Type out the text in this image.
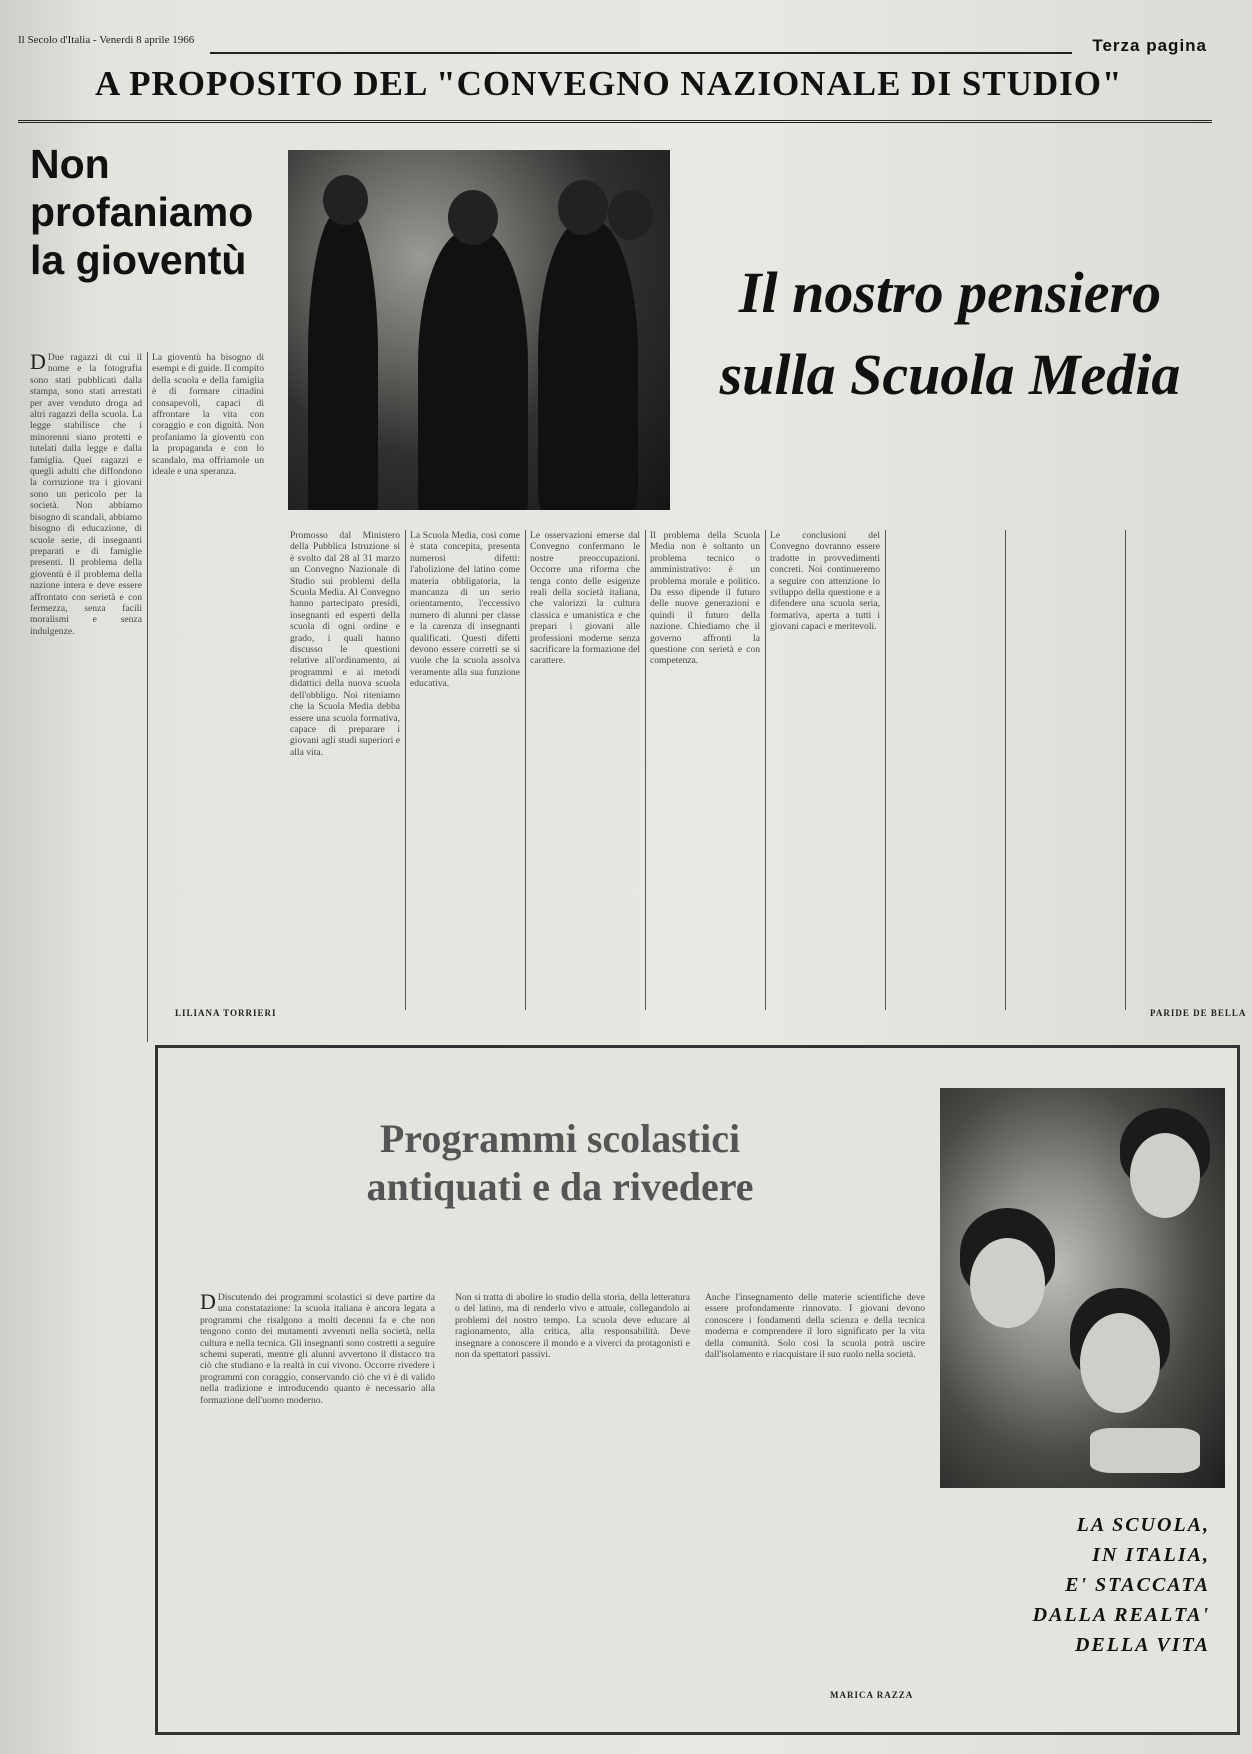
Il Secolo d'Italia - Venerdì 8 aprile 1966	Terza pagina
A PROPOSITO DEL "CONVEGNO NAZIONALE DI STUDIO"
Non profaniamo la gioventù

D Due ragazzi di cui il nome e la fotografia sono stati pubblicati dalla stampa, sono stati arrestati per aver venduto droga ad altri ragazzi della scuola. La legge stabilisce che i minorenni siano protetti e tutelati dalla legge e dalla famiglia. Quei ragazzi e quegli adulti che diffondono la corruzione tra i giovani sono un pericolo per la società. Non abbiamo bisogno di scandali, abbiamo bisogno di educazione, di scuole serie, di insegnanti preparati e di famiglie presenti. Il problema della gioventù è il problema della nazione intera e deve essere affrontato con serietà e con fermezza, senza facili moralismi e senza indulgenze.

La gioventù ha bisogno di esempi e di guide. Il compito della scuola e della famiglia è di formare cittadini consapevoli, capaci di affrontare la vita con coraggio e con dignità. Non profaniamo la gioventù con la propaganda e con lo scandalo, ma offriamole un ideale e una speranza.

LILIANA TORRIERI
Il nostro pensiero
sulla Scuola Media

Promosso dal Ministero della Pubblica Istruzione si è svolto dal 28 al 31 marzo un Convegno Nazionale di Studio sui problemi della Scuola Media. Al Convegno hanno partecipato presidi, insegnanti ed esperti della scuola di ogni ordine e grado, i quali hanno discusso le questioni relative all'ordinamento, ai programmi e ai metodi didattici della nuova scuola dell'obbligo. Noi riteniamo che la Scuola Media debba essere una scuola formativa, capace di preparare i giovani agli studi superiori e alla vita.

La Scuola Media, così come è stata concepita, presenta numerosi difetti: l'abolizione del latino come materia obbligatoria, la mancanza di un serio orientamento, l'eccessivo numero di alunni per classe e la carenza di insegnanti qualificati. Questi difetti devono essere corretti se si vuole che la scuola assolva veramente alla sua funzione educativa.

Le osservazioni emerse dal Convegno confermano le nostre preoccupazioni. Occorre una riforma che tenga conto delle esigenze reali della società italiana, che valorizzi la cultura classica e umanistica e che prepari i giovani alle professioni moderne senza sacrificare la formazione del carattere.

Il problema della Scuola Media non è soltanto un problema tecnico o amministrativo: è un problema morale e politico. Da esso dipende il futuro delle nuove generazioni e quindi il futuro della nazione. Chiediamo che il governo affronti la questione con serietà e con competenza.

Le conclusioni del Convegno dovranno essere tradotte in provvedimenti concreti. Noi continueremo a seguire con attenzione lo sviluppo della questione e a difendere una scuola seria, formativa, aperta a tutti i giovani capaci e meritevoli.

PARIDE DE BELLA
Programmi scolastici
antiquati e da rivedere

D Discutendo dei programmi scolastici si deve partire da una constatazione: la scuola italiana è ancora legata a programmi che risalgono a molti decenni fa e che non tengono conto dei mutamenti avvenuti nella società, nella cultura e nella tecnica. Gli insegnanti sono costretti a seguire schemi superati, mentre gli alunni avvertono il distacco tra ciò che studiano e la realtà in cui vivono. Occorre rivedere i programmi con coraggio, conservando ciò che vi è di valido nella tradizione e introducendo quanto è necessario alla formazione dell'uomo moderno.

Non si tratta di abolire lo studio della storia, della letteratura o del latino, ma di renderlo vivo e attuale, collegandolo ai problemi del nostro tempo. La scuola deve educare al ragionamento, alla critica, alla responsabilità. Deve insegnare a conoscere il mondo e a viverci da protagonisti e non da spettatori passivi.

Anche l'insegnamento delle materie scientifiche deve essere profondamente rinnovato. I giovani devono conoscere i fondamenti della scienza e della tecnica moderna e comprendere il loro significato per la vita della comunità. Solo così la scuola potrà uscire dall'isolamento e riacquistare il suo ruolo nella società.

MARICA RAZZA
LA SCUOLA,
IN ITALIA,
E' STACCATA
DALLA REALTA'
DELLA VITA
